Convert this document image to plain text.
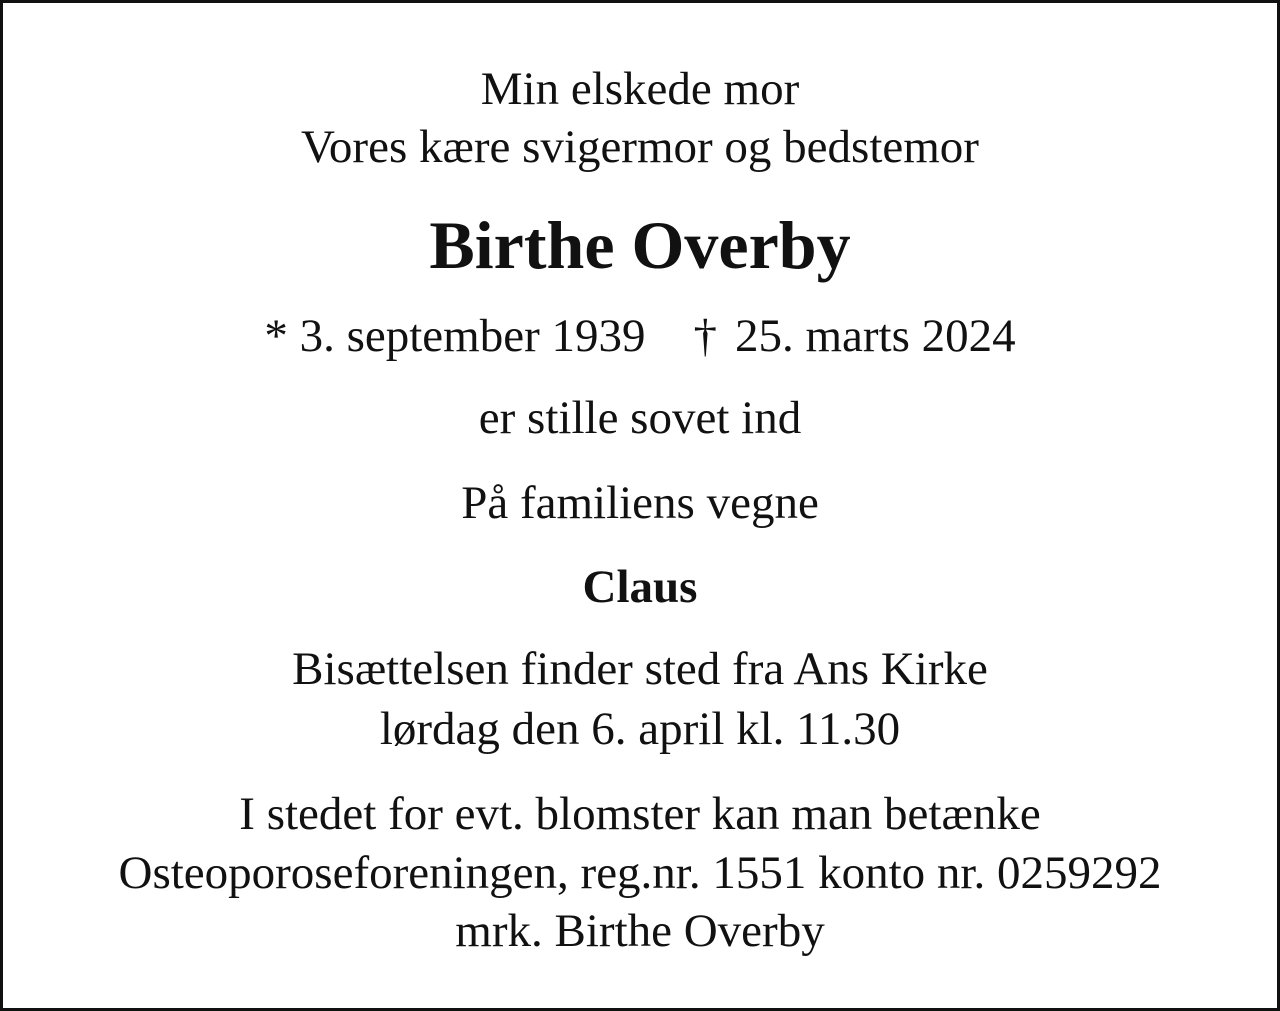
Min elskede mor
Vores kære svigermor og bedstemor
Birthe Overby
* 3. september 1939 † 25. marts 2024
er stille sovet ind
På familiens vegne
Claus
Bisættelsen finder sted fra Ans Kirke
lørdag den 6. april kl. 11.30
I stedet for evt. blomster kan man betænke
Osteoporoseforeningen, reg.nr. 1551 konto nr. 0259292
mrk. Birthe Overby
